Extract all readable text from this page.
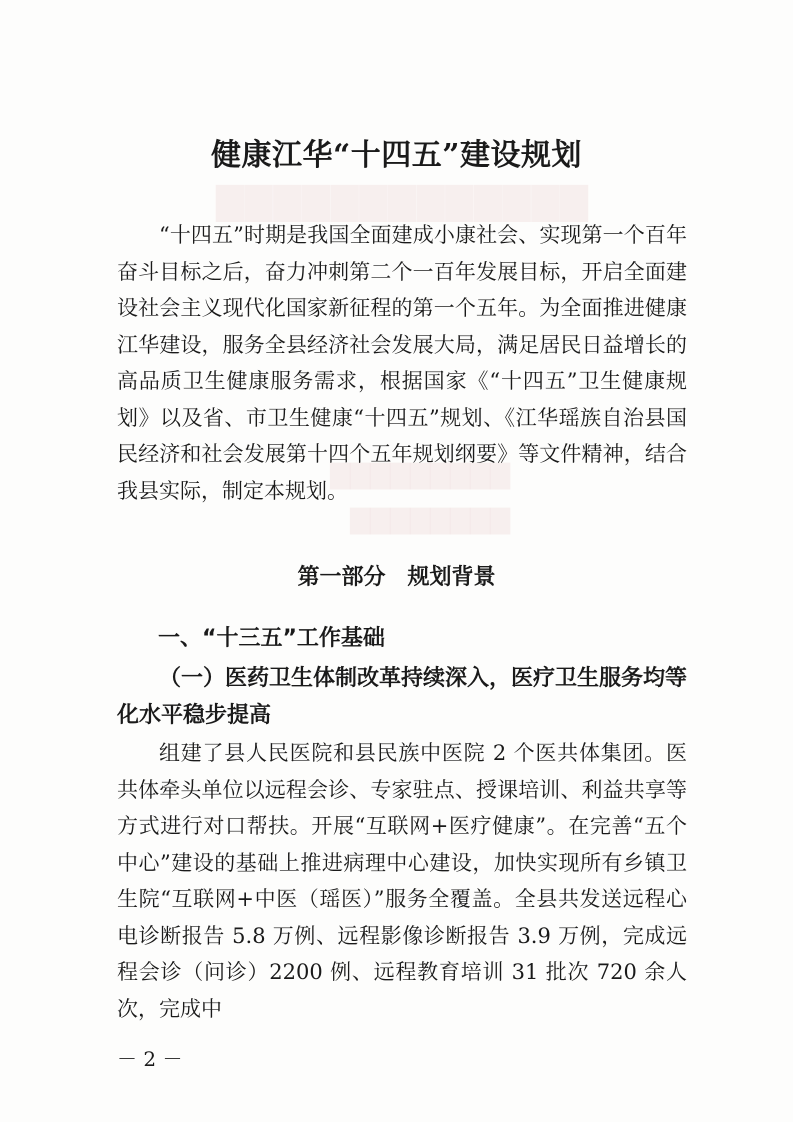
▇▇▇▇▇▇▇▇▇▇▇▇▇
▇▇▇▇▇▇▇▇▇
▇▇▇▇▇▇▇▇
健康江华“十四五”建设规划

“十四五”时期是我国全面建成小康社会、实现第一个百年奋斗目标之后，奋力冲刺第二个一百年发展目标，开启全面建设社会主义现代化国家新征程的第一个五年。为全面推进健康江华建设，服务全县经济社会发展大局，满足居民日益增长的高品质卫生健康服务需求，根据国家《“十四五”卫生健康规划》以及省、市卫生健康“十四五”规划、《江华瑶族自治县国民经济和社会发展第十四个五年规划纲要》等文件精神，结合我县实际，制定本规划。

第一部分　规划背景
一、“十三五”工作基础
（一）医药卫生体制改革持续深入，医疗卫生服务均等化水平稳步提高

组建了县人民医院和县民族中医院 2 个医共体集团。医共体牵头单位以远程会诊、专家驻点、授课培训、利益共享等方式进行对口帮扶。开展“互联网+医疗健康”。在完善“五个中心”建设的基础上推进病理中心建设，加快实现所有乡镇卫生院“互联网+中医（瑶医）”服务全覆盖。全县共发送远程心电诊断报告 5.8 万例、远程影像诊断报告 3.9 万例，完成远程会诊（问诊）2200 例、远程教育培训 31 批次 720 余人次，完成中

－ 2 －
